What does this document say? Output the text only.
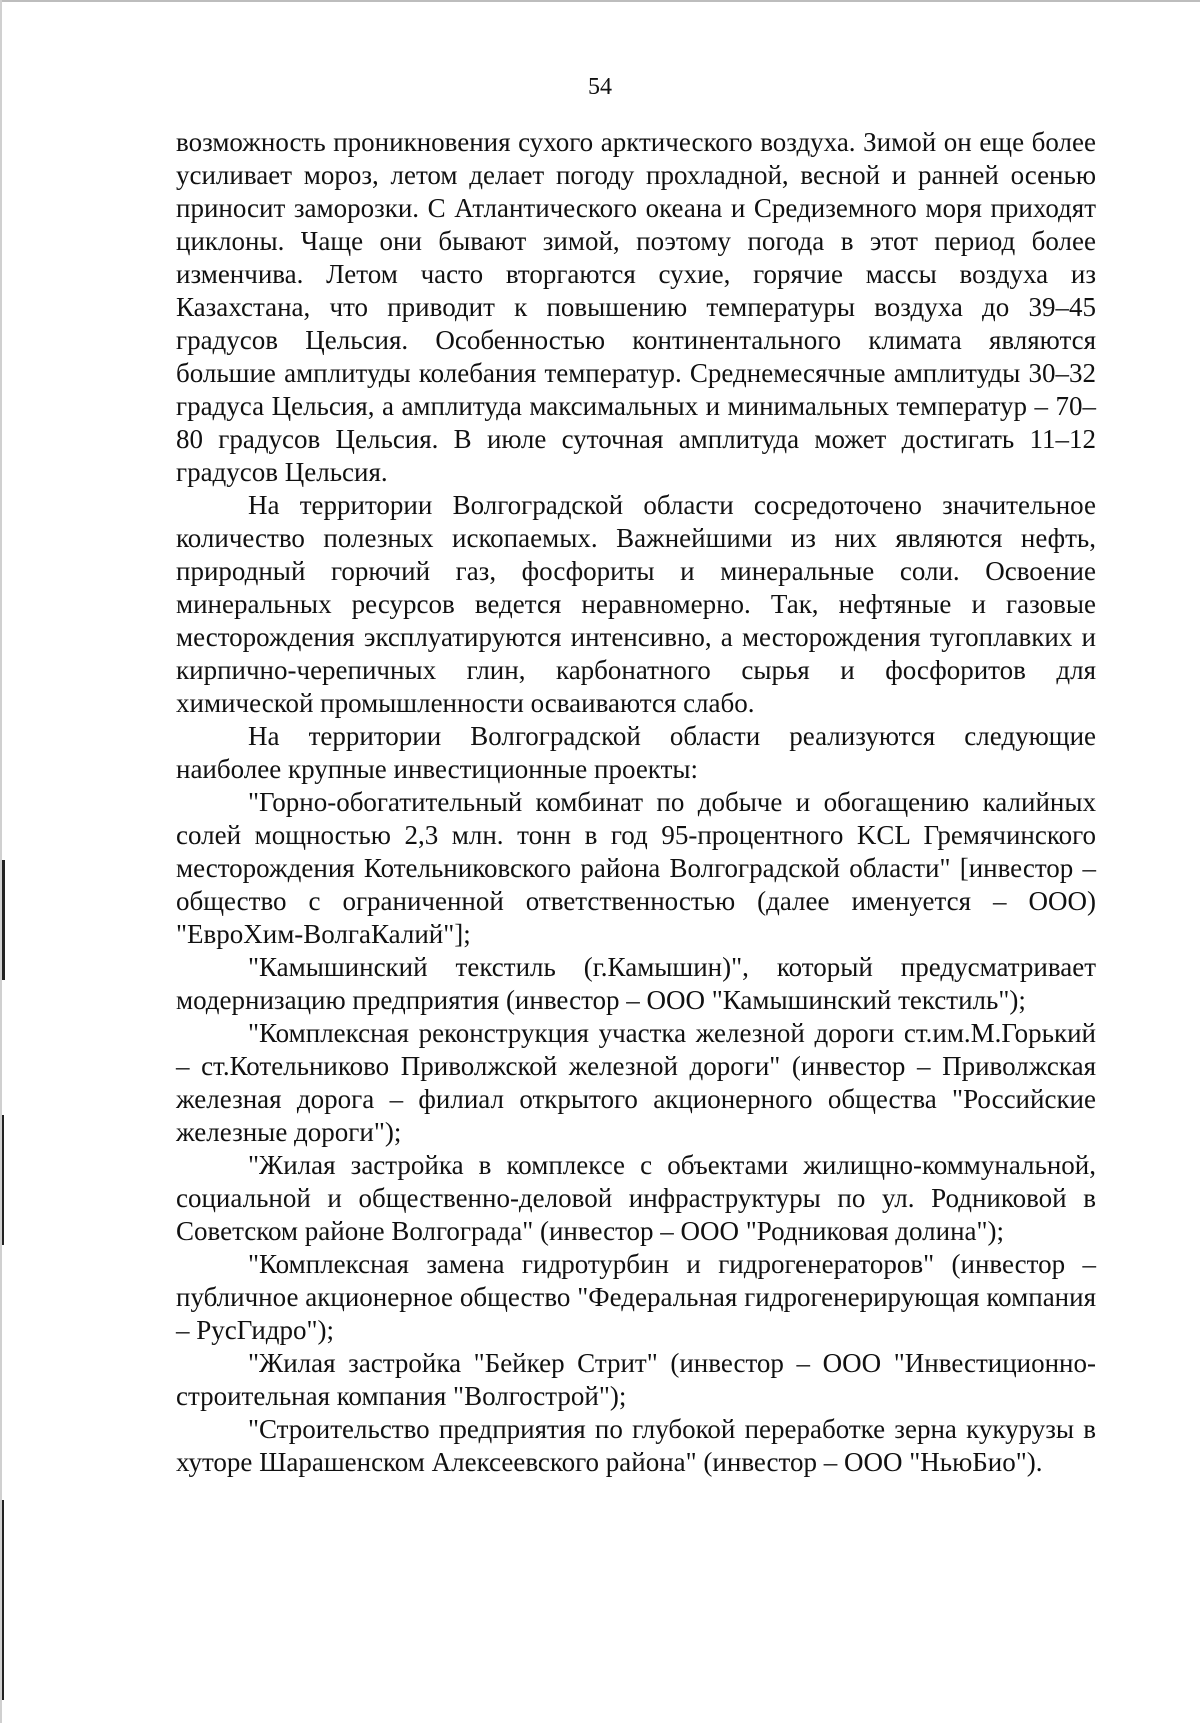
54

возможность проникновения сухого арктического воздуха. Зимой он еще более усиливает мороз, летом делает погоду прохладной, весной и ранней осенью приносит заморозки. С Атлантического океана и Средиземного моря приходят циклоны. Чаще они бывают зимой, поэтому погода в этот период более изменчива. Летом часто вторгаются сухие, горячие массы воздуха из Казахстана, что приводит к повышению температуры воздуха до 39–45 градусов Цельсия. Особенностью континентального климата являются большие амплитуды колебания температур. Среднемесячные амплитуды 30–32 градуса Цельсия, а амплитуда максимальных и минимальных температур – 70–80 градусов Цельсия. В июле суточная амплитуда может достигать 11–12 градусов Цельсия.

На территории Волгоградской области сосредоточено значительное количество полезных ископаемых. Важнейшими из них являются нефть, природный горючий газ, фосфориты и минеральные соли. Освоение минеральных ресурсов ведется неравномерно. Так, нефтяные и газовые месторождения эксплуатируются интенсивно, а месторождения тугоплавких и кирпично-черепичных глин, карбонатного сырья и фосфоритов для химической промышленности осваиваются слабо.

На территории Волгоградской области реализуются следующие наиболее крупные инвестиционные проекты:

"Горно-обогатительный комбинат по добыче и обогащению калийных солей мощностью 2,3 млн. тонн в год 95-процентного KCL Гремячинского месторождения Котельниковского района Волгоградской области" [инвестор – общество с ограниченной ответственностью (далее именуется – ООО) "ЕвроХим-ВолгаКалий"];

"Камышинский текстиль (г.Камышин)", который предусматривает модернизацию предприятия (инвестор – ООО "Камышинский текстиль");

"Комплексная реконструкция участка железной дороги ст.им.М.Горький – ст.Котельниково Приволжской железной дороги" (инвестор – Приволжская железная дорога – филиал открытого акционерного общества "Российские железные дороги");

"Жилая застройка в комплексе с объектами жилищно-коммунальной, социальной и общественно-деловой инфраструктуры по ул. Родниковой в Советском районе Волгограда" (инвестор – ООО "Родниковая долина");

"Комплексная замена гидротурбин и гидрогенераторов" (инвестор – публичное акционерное общество "Федеральная гидрогенерирующая компания – РусГидро");

"Жилая застройка "Бейкер Стрит" (инвестор – ООО "Инвестиционно-строительная компания "Волгострой");

"Строительство предприятия по глубокой переработке зерна кукурузы в хуторе Шарашенском Алексеевского района" (инвестор – ООО "НьюБио").
